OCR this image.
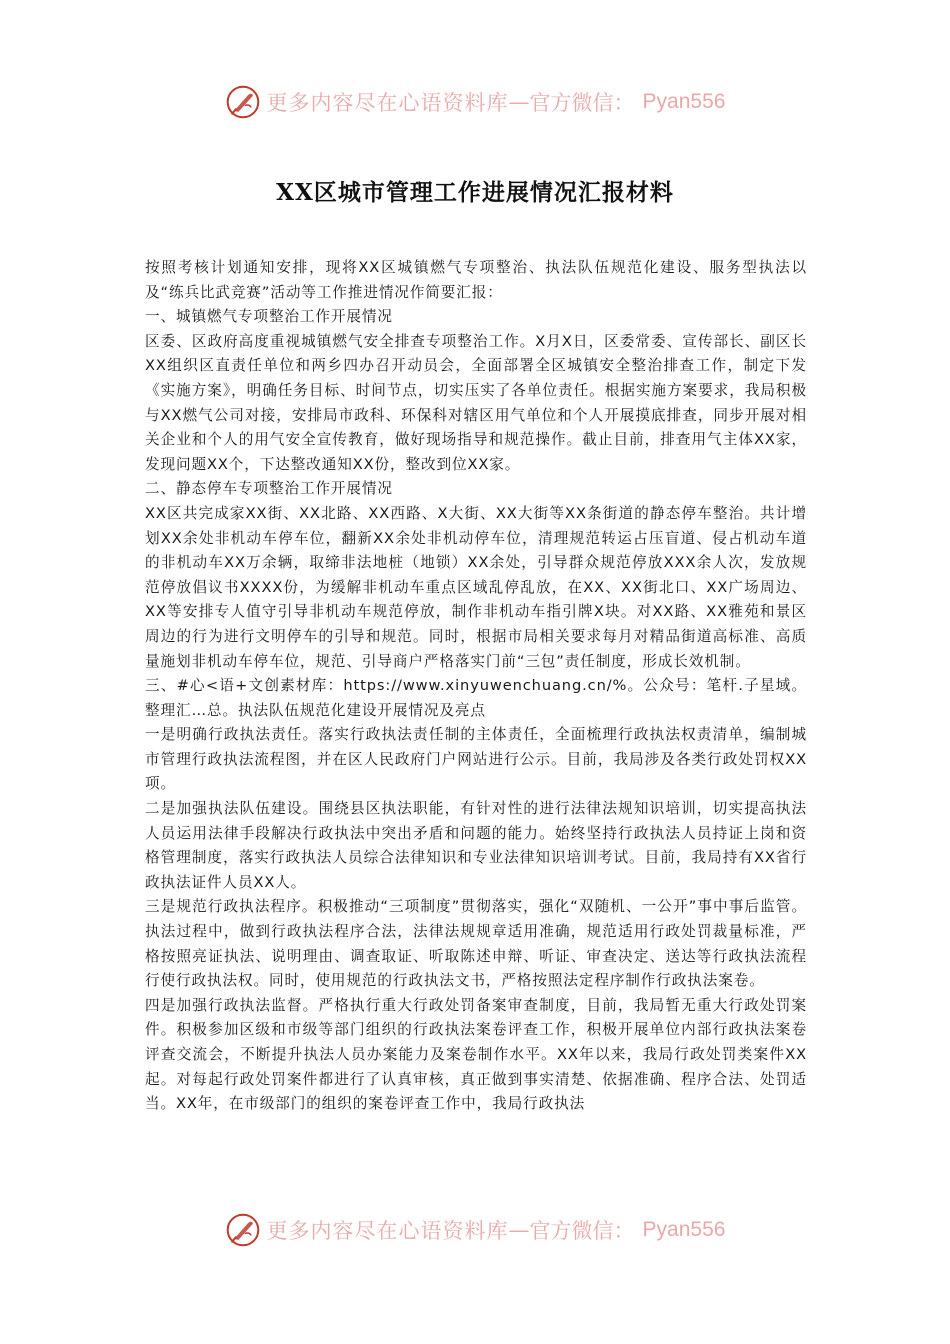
更多内容尽在心语资料库 — 官方微信： Pyan556
XX区城市管理工作进展情况汇报材料

按照考核计划通知安排，现将XX区城镇燃气专项整治、执法队伍规范化建设、服务型执法以及“练兵比武竞赛”活动等工作推进情况作简要汇报：

一、城镇燃气专项整治工作开展情况

区委、区政府高度重视城镇燃气安全排查专项整治工作。X月X日，区委常委、宣传部长、副区长XX组织区直责任单位和两乡四办召开动员会，全面部署全区城镇安全整治排查工作，制定下发《实施方案》，明确任务目标、时间节点，切实压实了各单位责任。根据实施方案要求，我局积极与XX燃气公司对接，安排局市政科、环保科对辖区用气单位和个人开展摸底排查，同步开展对相关企业和个人的用气安全宣传教育，做好现场指导和规范操作。截止目前，排查用气主体XX家，发现问题XX个，下达整改通知XX份，整改到位XX家。

二、静态停车专项整治工作开展情况

XX区共完成家XX街、XX北路、XX西路、X大街、XX大街等XX条街道的静态停车整治。共计增划XX余处非机动车停车位，翻新XX余处非机动停车位，清理规范转运占压盲道、侵占机动车道的非机动车XX万余辆，取缔非法地桩（地锁）XX余处，引导群众规范停放XXX余人次，发放规范停放倡议书XXXX份，为缓解非机动车重点区域乱停乱放，在XX、XX街北口、XX广场周边、XX等安排专人值守引导非机动车规范停放，制作非机动车指引牌X块。对XX路、XX雅苑和景区周边的行为进行文明停车的引导和规范。同时，根据市局相关要求每月对精品街道高标准、高质量施划非机动车停车位，规范、引导商户严格落实门前“三包”责任制度，形成长效机制。

三、#心<语+文创素材库：https://www.xinyuwenchuang.cn/%。公众号：笔杆.子星域。整理汇…总。执法队伍规范化建设开展情况及亮点

一是明确行政执法责任。落实行政执法责任制的主体责任，全面梳理行政执法权责清单，编制城市管理行政执法流程图，并在区人民政府门户网站进行公示。目前，我局涉及各类行政处罚权XX项。

二是加强执法队伍建设。围绕县区执法职能，有针对性的进行法律法规知识培训，切实提高执法人员运用法律手段解决行政执法中突出矛盾和问题的能力。始终坚持行政执法人员持证上岗和资格管理制度，落实行政执法人员综合法律知识和专业法律知识培训考试。目前，我局持有XX省行政执法证件人员XX人。

三是规范行政执法程序。积极推动“三项制度”贯彻落实，强化“双随机、一公开”事中事后监管。执法过程中，做到行政执法程序合法，法律法规规章适用准确，规范适用行政处罚裁量标准，严格按照亮证执法、说明理由、调查取证、听取陈述申辩、听证、审查决定、送达等行政执法流程行使行政执法权。同时，使用规范的行政执法文书，严格按照法定程序制作行政执法案卷。

四是加强行政执法监督。严格执行重大行政处罚备案审查制度，目前，我局暂无重大行政处罚案件。积极参加区级和市级等部门组织的行政执法案卷评查工作，积极开展单位内部行政执法案卷评查交流会，不断提升执法人员办案能力及案卷制作水平。XX年以来，我局行政处罚类案件XX起。对每起行政处罚案件都进行了认真审核，真正做到事实清楚、依据准确、程序合法、处罚适当。XX年，在市级部门的组织的案卷评查工作中，我局行政执法

更多内容尽在心语资料库 — 官方微信： Pyan556
